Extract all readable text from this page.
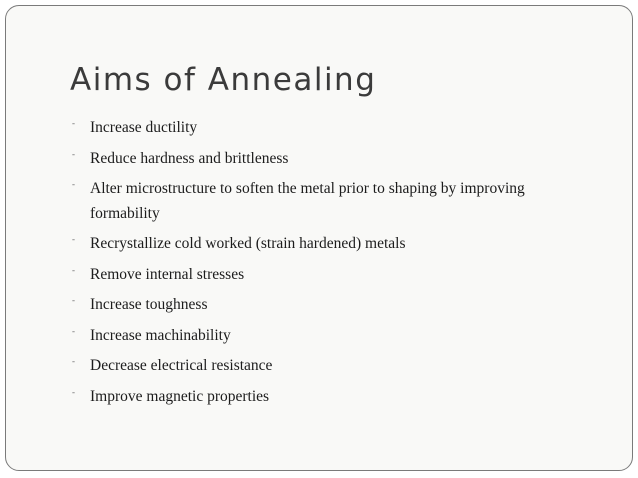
Aims of Annealing
- Increase ductility
- Reduce hardness and brittleness
- Alter microstructure to soften the metal prior to shaping by improving formability
- Recrystallize cold worked (strain hardened) metals
- Remove internal stresses
- Increase toughness
- Increase machinability
- Decrease electrical resistance
- Improve magnetic properties
